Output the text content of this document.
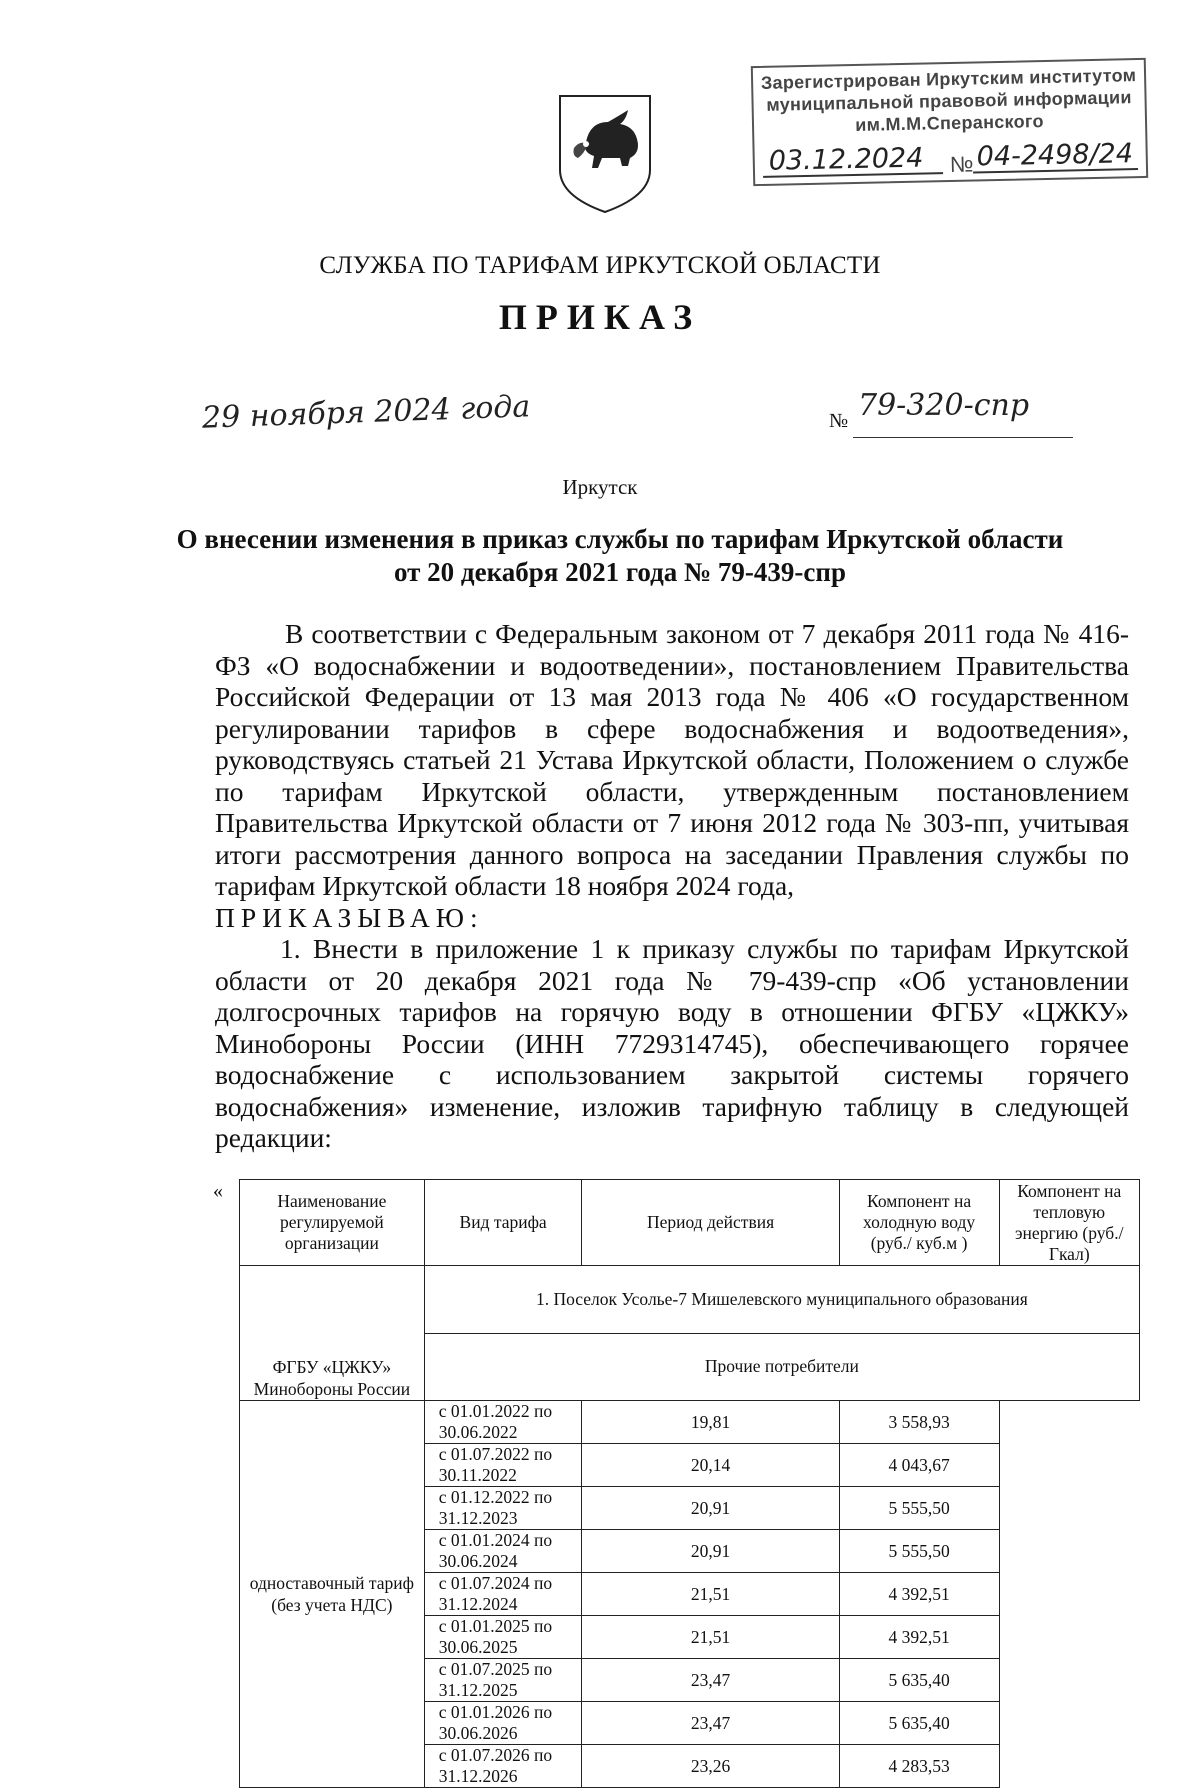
Зарегистрирован Иркутским институтом
муниципальной правовой информации
им.М.М.Сперанского
03.12.2024 № 04-2498/24
СЛУЖБА ПО ТАРИФАМ ИРКУТСКОЙ ОБЛАСТИ
ПРИКАЗ
29 ноября 2024 года	№ 79-320-спр
Иркутск
О внесении изменения в приказ службы по тарифам Иркутской области
от 20 декабря 2021 года № 79-439-спр

В соответствии с Федеральным законом от 7 декабря 2011 года № 416-ФЗ «О водоснабжении и водоотведении», постановлением Правительства Российской Федерации от 13 мая 2013 года № 406 «О государственном регулировании тарифов в сфере водоснабжения и водоотведения», руководствуясь статьей 21 Устава Иркутской области, Положением о службе по тарифам Иркутской области, утвержденным постановлением Правительства Иркутской области от 7 июня 2012 года № 303-пп, учитывая итоги рассмотрения данного вопроса на заседании Правления службы по тарифам Иркутской области 18 ноября 2024 года,

ПРИКАЗЫВАЮ:

1. Внести в приложение 1 к приказу службы по тарифам Иркутской области от 20 декабря 2021 года № 79-439-спр «Об установлении долгосрочных тарифов на горячую воду в отношении ФГБУ «ЦЖКУ» Минобороны России (ИНН 7729314745), обеспечивающего горячее водоснабжение с использованием закрытой системы горячего водоснабжения» изменение, изложив тарифную таблицу в следующей редакции:

«	Наименование регулируемой организации	Вид тарифа	Период действия	Компонент на холодную воду (руб./ куб.м )	Компонент на тепловую энергию (руб./Гкал)
ФГБУ «ЦЖКУ» Минобороны России	1. Поселок Усолье-7 Мишелевского муниципального образования			
	Прочие потребители			
одноставочный тариф (без учета НДС)	с 01.01.2022 по 30.06.2022	19,81	3 558,93	
	с 01.07.2022 по 30.11.2022	20,14	4 043,67	
	с 01.12.2022 по 31.12.2023	20,91	5 555,50	
	с 01.01.2024 по 30.06.2024	20,91	5 555,50	
	с 01.07.2024 по 31.12.2024	21,51	4 392,51	
	с 01.01.2025 по 30.06.2025	21,51	4 392,51	
	с 01.07.2025 по 31.12.2025	23,47	5 635,40	
	с 01.01.2026 по 30.06.2026	23,47	5 635,40	
	с 01.07.2026 по 31.12.2026	23,26	4 283,53	
